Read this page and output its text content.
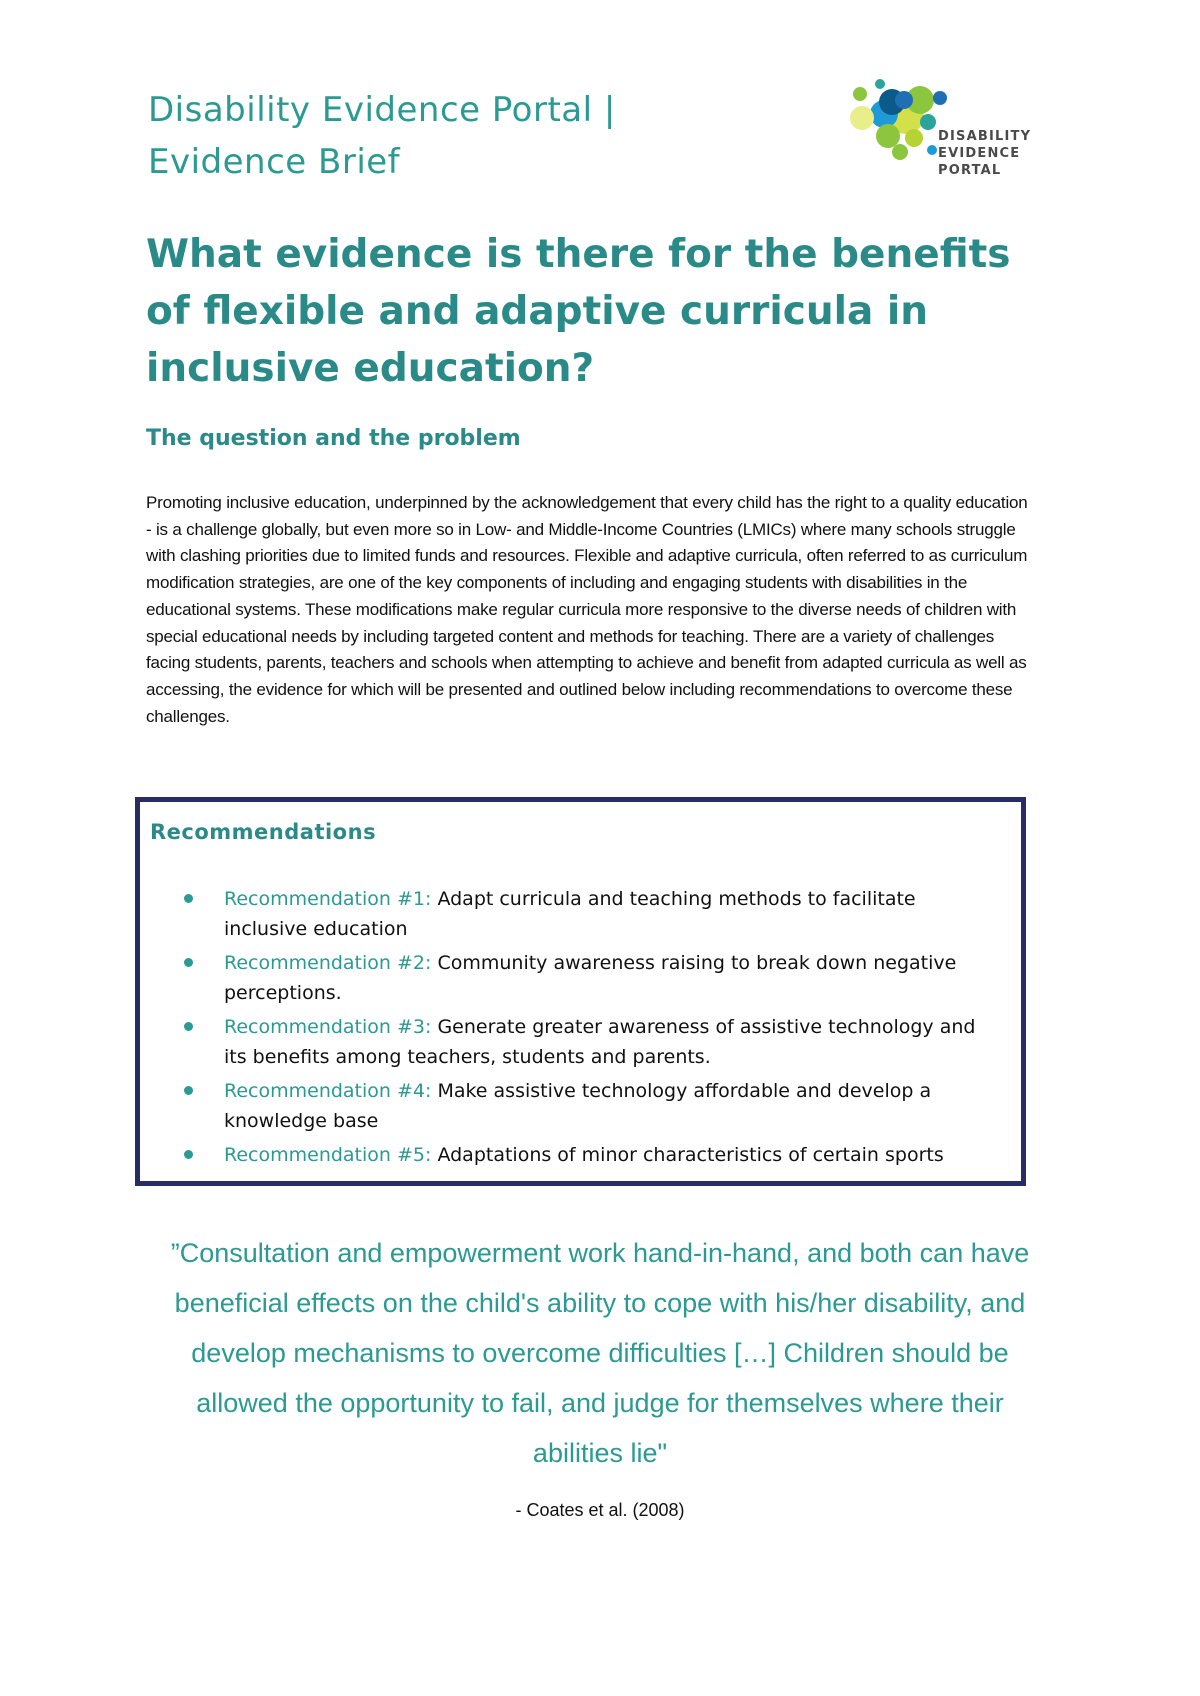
Disability Evidence Portal |
Evidence Brief
DISABILITY
EVIDENCE
PORTAL
What evidence is there for the benefits of flexible and adaptive curricula in inclusive education?
The question and the problem

Promoting inclusive education, underpinned by the acknowledgement that every child has the right to a quality education - is a challenge globally, but even more so in Low- and Middle-Income Countries (LMICs) where many schools struggle with clashing priorities due to limited funds and resources. Flexible and adaptive curricula, often referred to as curriculum modification strategies, are one of the key components of including and engaging students with disabilities in the educational systems. These modifications make regular curricula more responsive to the diverse needs of children with special educational needs by including targeted content and methods for teaching. There are a variety of challenges facing students, parents, teachers and schools when attempting to achieve and benefit from adapted curricula as well as accessing, the evidence for which will be presented and outlined below including recommendations to overcome these challenges.

Recommendations
Recommendation #1: Adapt curricula and teaching methods to facilitate inclusive education
Recommendation #2: Community awareness raising to break down negative perceptions.
Recommendation #3: Generate greater awareness of assistive technology and its benefits among teachers, students and parents.
Recommendation #4: Make assistive technology affordable and develop a knowledge base
Recommendation #5: Adaptations of minor characteristics of certain sports

”Consultation and empowerment work hand-in-hand, and both can have beneficial effects on the child's ability to cope with his/her disability, and develop mechanisms to overcome difficulties […] Children should be allowed the opportunity to fail, and judge for themselves where their abilities lie"

- Coates et al. (2008)
